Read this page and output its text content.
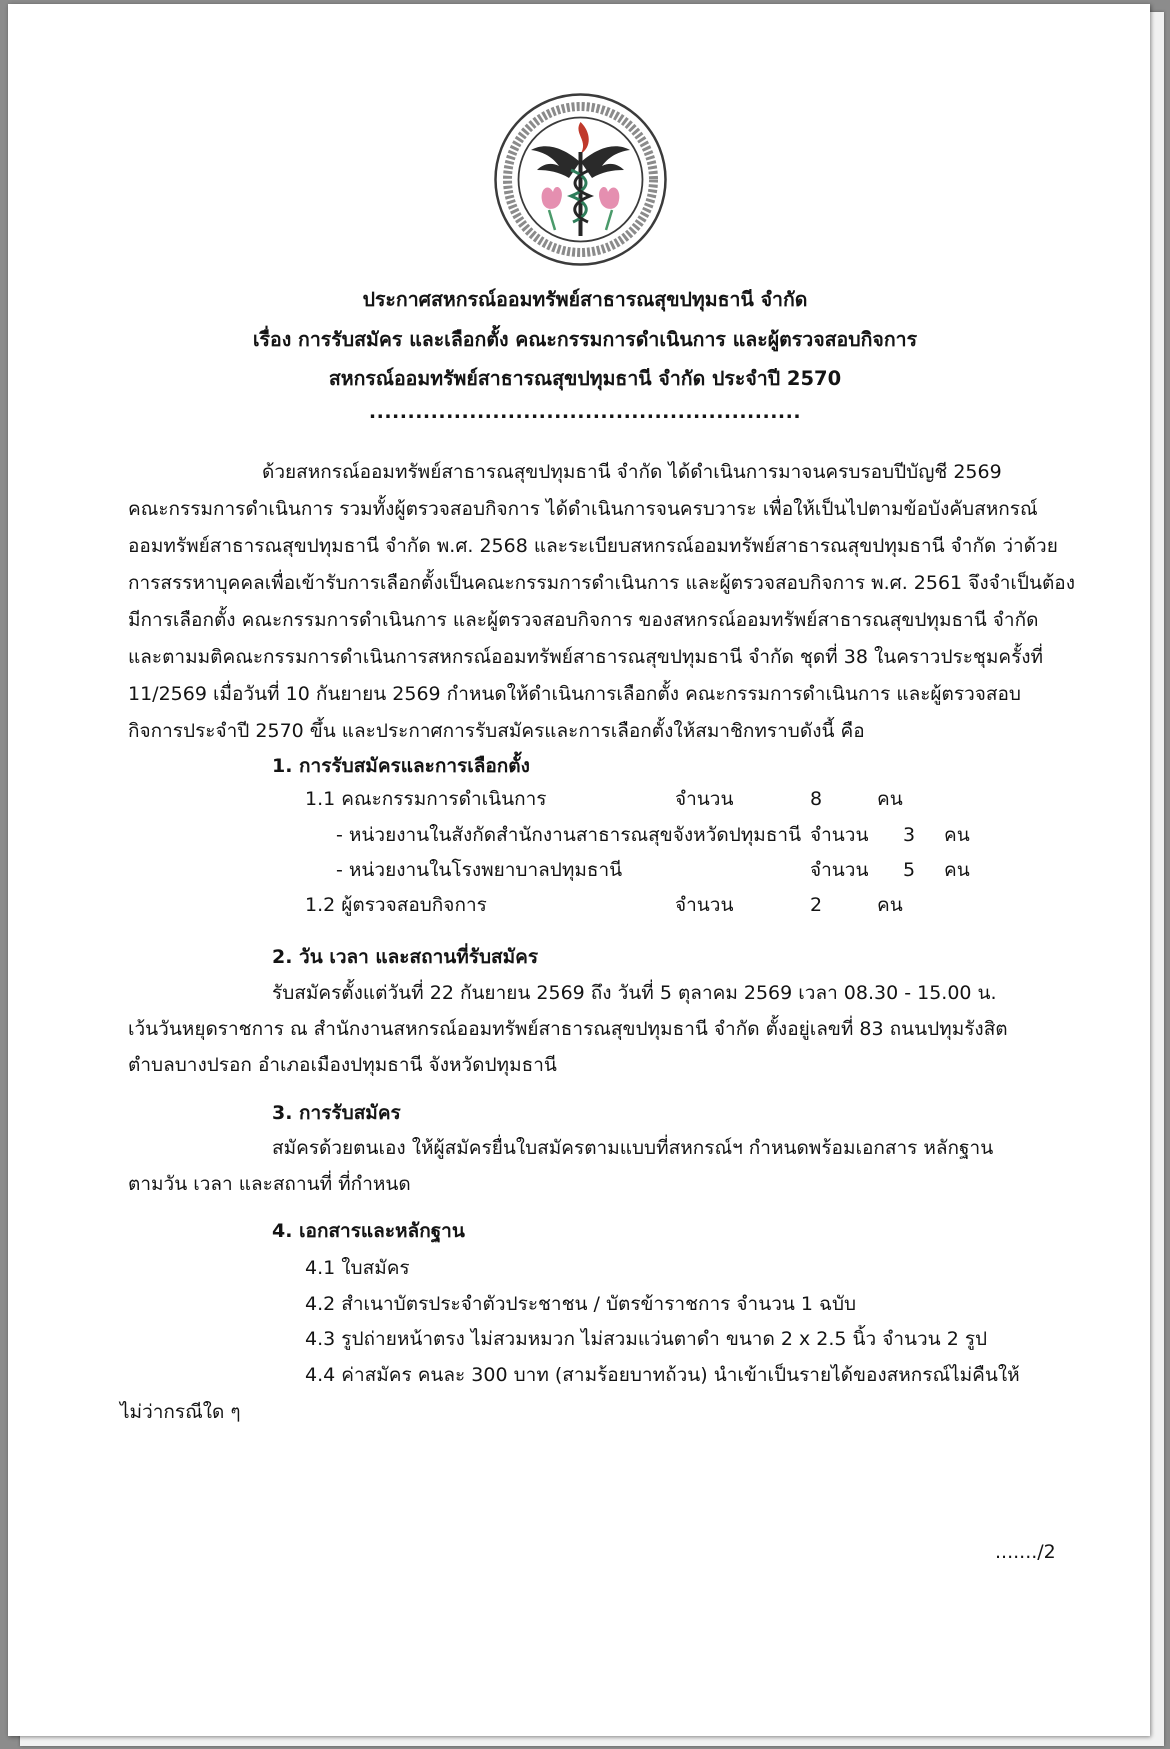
ประกาศสหกรณ์ออมทรัพย์สาธารณสุขปทุมธานี จำกัด
เรื่อง การรับสมัคร และเลือกตั้ง คณะกรรมการดำเนินการ และผู้ตรวจสอบกิจการ
สหกรณ์ออมทรัพย์สาธารณสุขปทุมธานี จำกัด ประจำปี 2570
........................................................
ด้วยสหกรณ์ออมทรัพย์สาธารณสุขปทุมธานี จำกัด ได้ดำเนินการมาจนครบรอบปีบัญชี 2569
คณะกรรมการดำเนินการ รวมทั้งผู้ตรวจสอบกิจการ ได้ดำเนินการจนครบวาระ เพื่อให้เป็นไปตามข้อบังคับสหกรณ์
ออมทรัพย์สาธารณสุขปทุมธานี จำกัด พ.ศ. 2568 และระเบียบสหกรณ์ออมทรัพย์สาธารณสุขปทุมธานี จำกัด ว่าด้วย
การสรรหาบุคคลเพื่อเข้ารับการเลือกตั้งเป็นคณะกรรมการดำเนินการ และผู้ตรวจสอบกิจการ พ.ศ. 2561 จึงจำเป็นต้อง
มีการเลือกตั้ง คณะกรรมการดำเนินการ และผู้ตรวจสอบกิจการ ของสหกรณ์ออมทรัพย์สาธารณสุขปทุมธานี จำกัด
และตามมติคณะกรรมการดำเนินการสหกรณ์ออมทรัพย์สาธารณสุขปทุมธานี จำกัด ชุดที่ 38 ในคราวประชุมครั้งที่
11/2569 เมื่อวันที่ 10 กันยายน 2569 กำหนดให้ดำเนินการเลือกตั้ง คณะกรรมการดำเนินการ และผู้ตรวจสอบ
กิจการประจำปี 2570 ขึ้น และประกาศการรับสมัครและการเลือกตั้งให้สมาชิกทราบดังนี้ คือ
1. การรับสมัครและการเลือกตั้ง
1.1 คณะกรรมการดำเนินการ	จำนวน	8	คน
- หน่วยงานในสังกัดสำนักงานสาธารณสุขจังหวัดปทุมธานี จำนวน 3 คน
- หน่วยงานในโรงพยาบาลปทุมธานี	จำนวน 5 คน
1.2 ผู้ตรวจสอบกิจการ	จำนวน	2	คน
2. วัน เวลา และสถานที่รับสมัคร
รับสมัครตั้งแต่วันที่ 22 กันยายน 2569 ถึง วันที่ 5 ตุลาคม 2569 เวลา 08.30 - 15.00 น.
เว้นวันหยุดราชการ ณ สำนักงานสหกรณ์ออมทรัพย์สาธารณสุขปทุมธานี จำกัด ตั้งอยู่เลขที่ 83 ถนนปทุมรังสิต
ตำบลบางปรอก อำเภอเมืองปทุมธานี จังหวัดปทุมธานี
3. การรับสมัคร
สมัครด้วยตนเอง ให้ผู้สมัครยื่นใบสมัครตามแบบที่สหกรณ์ฯ กำหนดพร้อมเอกสาร หลักฐาน
ตามวัน เวลา และสถานที่ ที่กำหนด
4. เอกสารและหลักฐาน
4.1 ใบสมัคร
4.2 สำเนาบัตรประจำตัวประชาชน / บัตรข้าราชการ จำนวน 1 ฉบับ
4.3 รูปถ่ายหน้าตรง ไม่สวมหมวก ไม่สวมแว่นตาดำ ขนาด 2 x 2.5 นิ้ว จำนวน 2 รูป
4.4 ค่าสมัคร คนละ 300 บาท (สามร้อยบาทถ้วน) นำเข้าเป็นรายได้ของสหกรณ์ไม่คืนให้
ไม่ว่ากรณีใด ๆ
......./2
